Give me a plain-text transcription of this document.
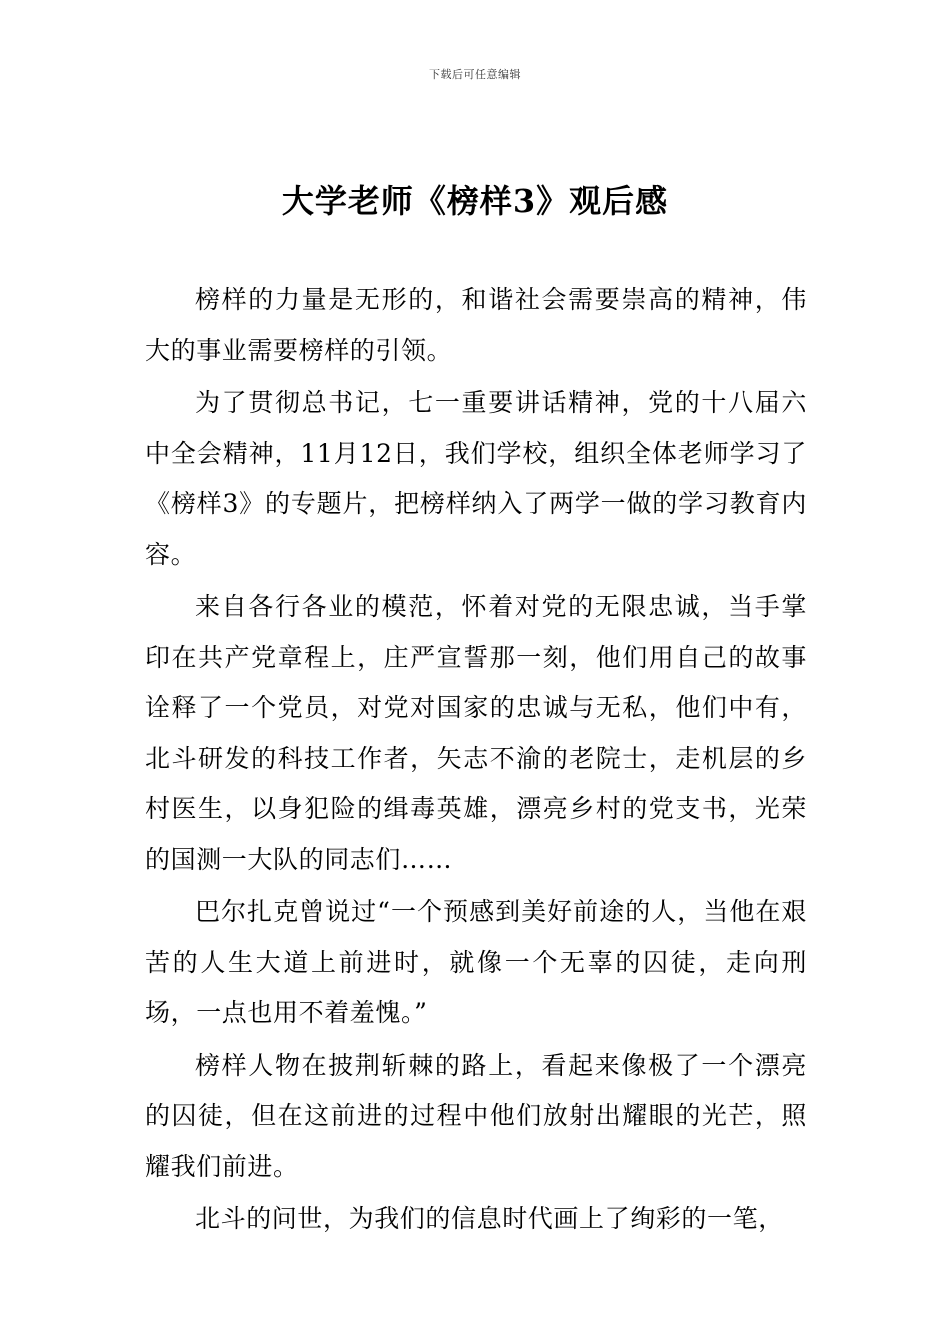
下载后可任意编辑
大学老师《榜样3》观后感

榜样的力量是无形的，和谐社会需要崇高的精神，伟大的事业需要榜样的引领。

为了贯彻总书记，七一重要讲话精神，党的十八届六中全会精神，11月12日，我们学校，组织全体老师学习了《榜样3》的专题片，把榜样纳入了两学一做的学习教育内容。

来自各行各业的模范，怀着对党的无限忠诚，当手掌印在共产党章程上，庄严宣誓那一刻，他们用自己的故事诠释了一个党员，对党对国家的忠诚与无私，他们中有，北斗研发的科技工作者，矢志不渝的老院士，走机层的乡村医生，以身犯险的缉毒英雄，漂亮乡村的党支书，光荣的国测一大队的同志们……

巴尔扎克曾说过“一个预感到美好前途的人，当他在艰苦的人生大道上前进时，就像一个无辜的囚徒，走向刑场，一点也用不着羞愧。”

榜样人物在披荆斩棘的路上，看起来像极了一个漂亮的囚徒，但在这前进的过程中他们放射出耀眼的光芒，照耀我们前进。

北斗的问世，为我们的信息时代画上了绚彩的一笔，
